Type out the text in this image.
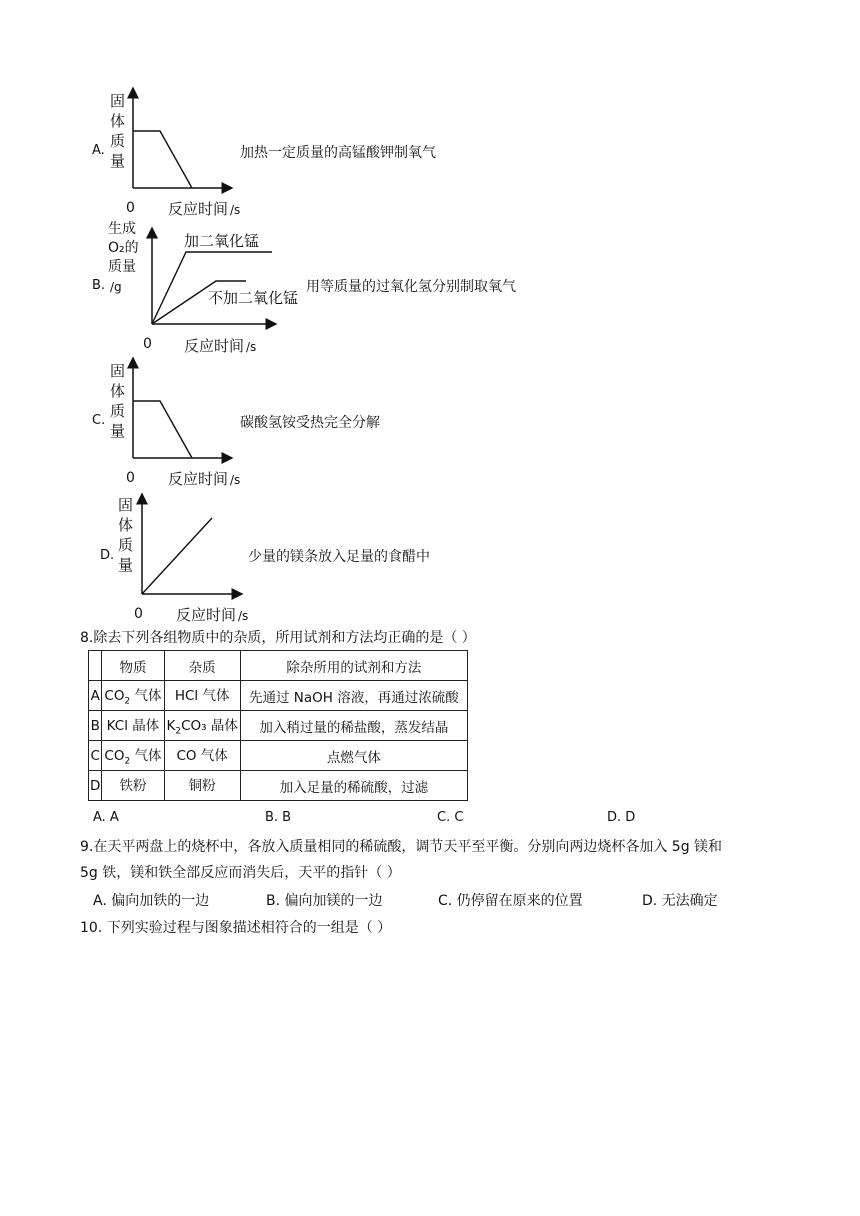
A.
固
体
质
量
0 反应时间 /s
加热一定质量的高锰酸钾制氧气
B.
生成
O₂的
质量
/g
加二氧化锰
不加二氧化锰
0 反应时间 /s
用等质量的过氧化氢分别制取氧气
C.
固
体
质
量
0 反应时间 /s
碳酸氢铵受热完全分解
D.
固
体
质
量
0 反应时间 /s
少量的镁条放入足量的食醋中
8.除去下列各组物质中的杂质，所用试剂和方法均正确的是（ ）
	物质	杂质	除杂所用的试剂和方法
A	$CO_2$ 气体	HCl 气体	先通过 NaOH 溶液，再通过浓硫酸
B	KCl 晶体	$K_2CO_3$ 晶体	加入稍过量的稀盐酸，蒸发结晶
C	$CO_2$ 气体	CO 气体	点燃气体
D	铁粉	铜粉	加入足量的稀硫酸，过滤
A. A	B. B	C. C	D. D
9.在天平两盘上的烧杯中，各放入质量相同的稀硫酸，调节天平至平衡。分别向两边烧杯各加入 5g 镁和
5g 铁，镁和铁全部反应而消失后，天平的指针（ ）
A. 偏向加铁的一边	B. 偏向加镁的一边	C. 仍停留在原来的位置	D. 无法确定
10. 下列实验过程与图象描述相符合的一组是（ ）
